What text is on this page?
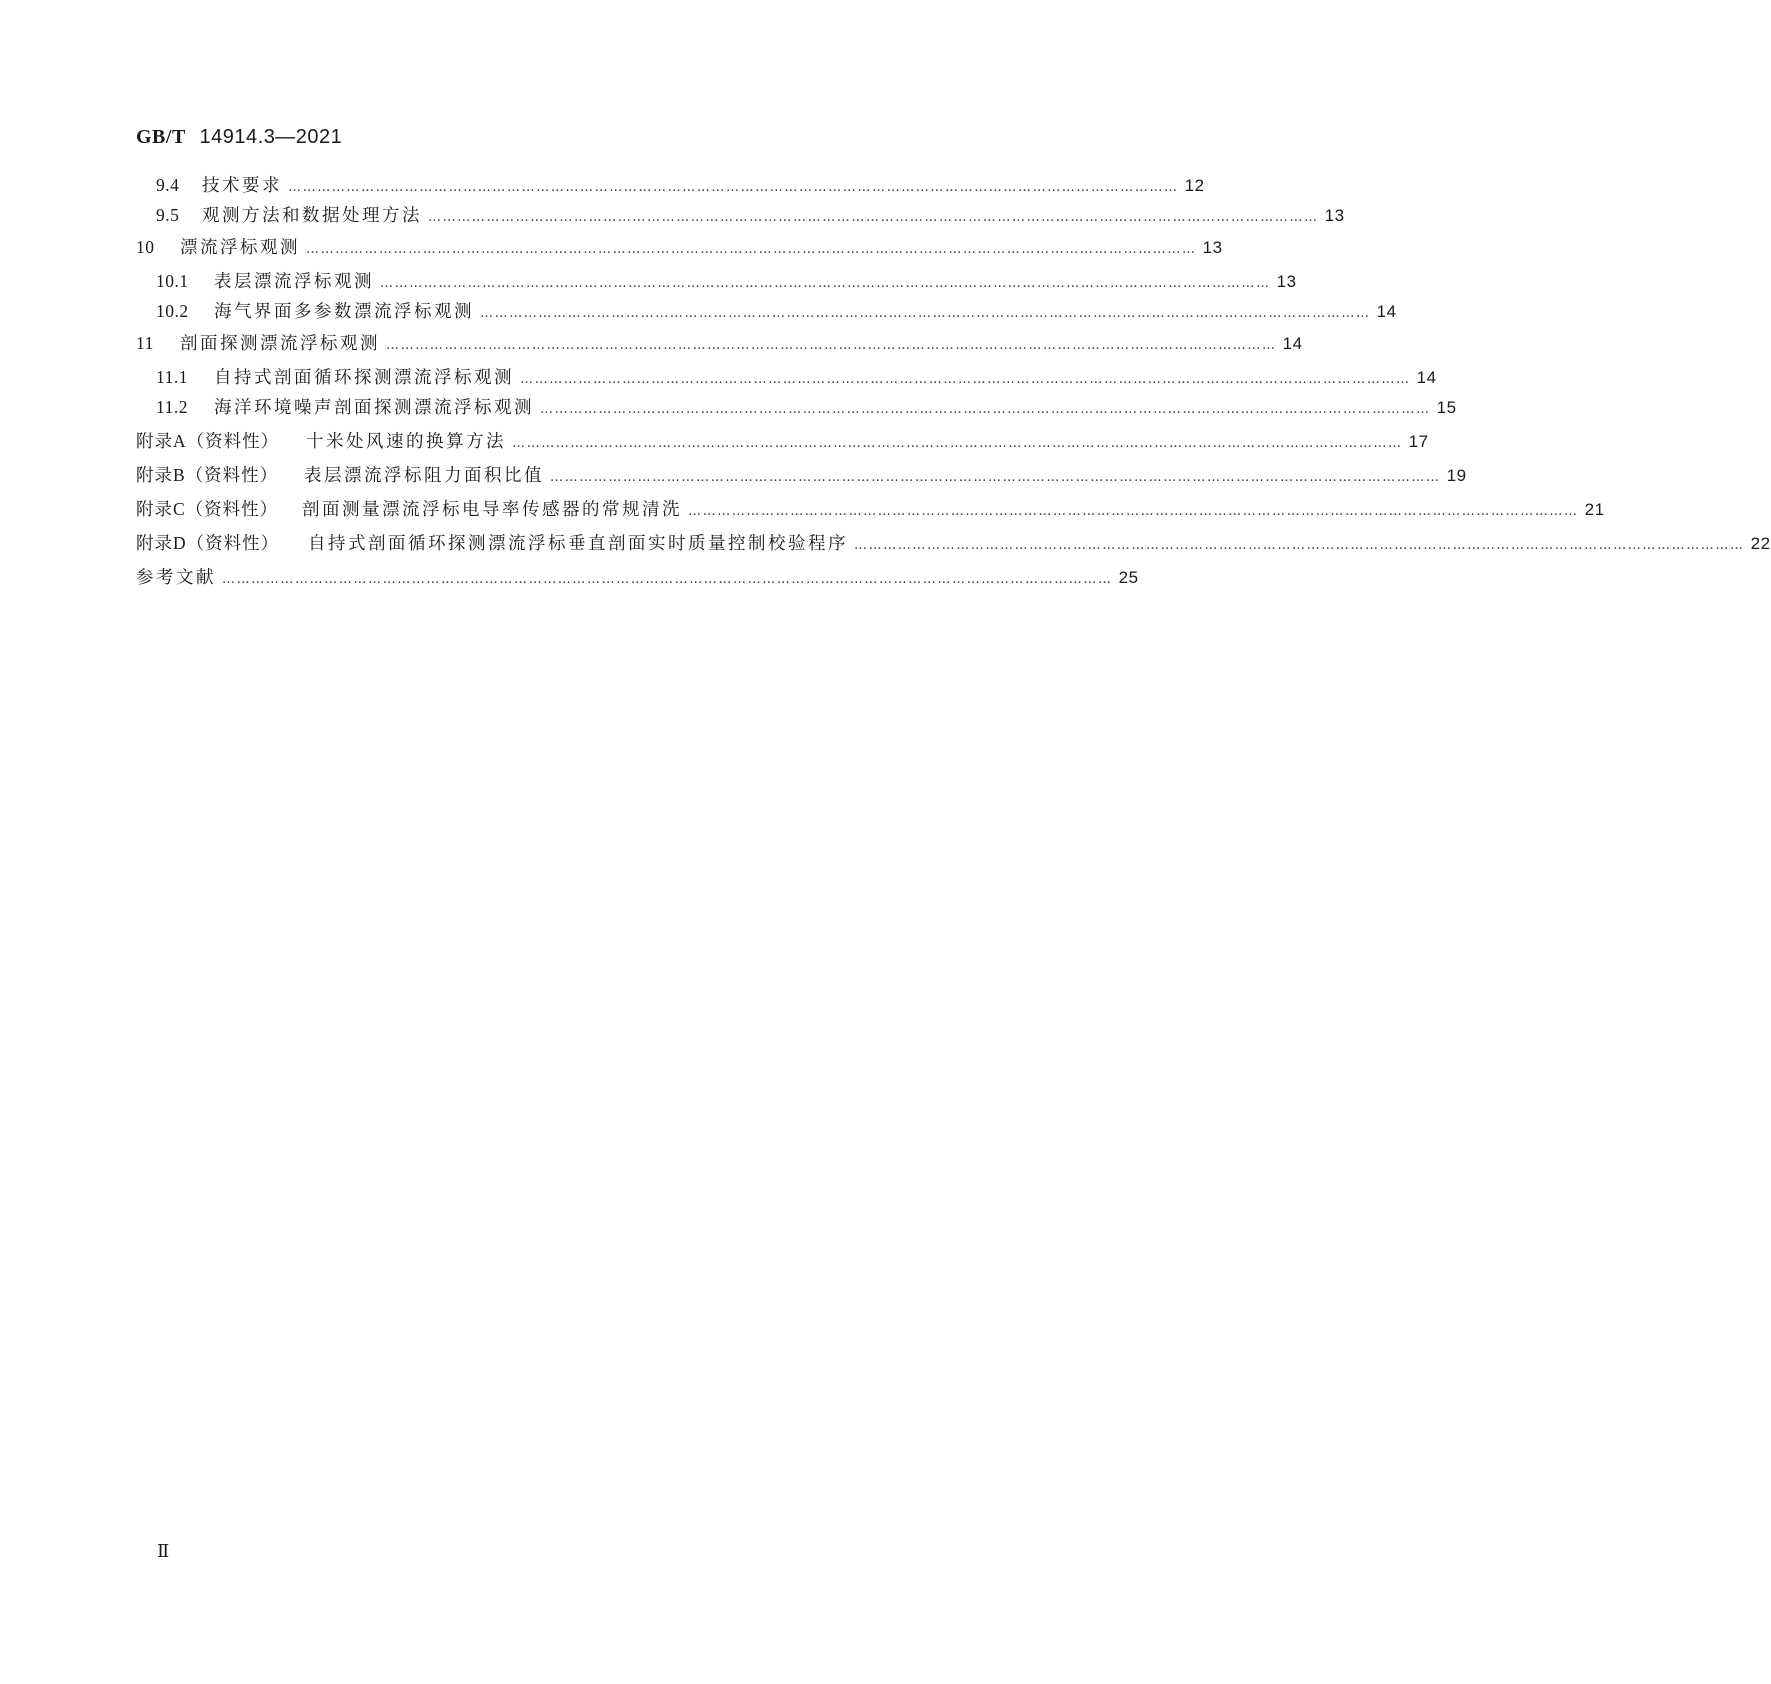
GB/T 14914.3—2021
9.4	技术要求 ………………………………………………………………………………………………………………………………………………………………… 12
9.5	观测方法和数据处理方法 ………………………………………………………………………………………………………………………………………………………………… 13
10	漂流浮标观测 ………………………………………………………………………………………………………………………………………………………………… 13
10.1	表层漂流浮标观测 ………………………………………………………………………………………………………………………………………………………………… 13
10.2	海气界面多参数漂流浮标观测 ………………………………………………………………………………………………………………………………………………………………… 14
11	剖面探测漂流浮标观测 ………………………………………………………………………………………………………………………………………………………………… 14
11.1	自持式剖面循环探测漂流浮标观测 ………………………………………………………………………………………………………………………………………………………………… 14
11.2	海洋环境噪声剖面探测漂流浮标观测 ………………………………………………………………………………………………………………………………………………………………… 15
附录A（资料性）	十米处风速的换算方法 ………………………………………………………………………………………………………………………………………………………………… 17
附录B（资料性）	表层漂流浮标阻力面积比值 ………………………………………………………………………………………………………………………………………………………………… 19
附录C（资料性）	剖面测量漂流浮标电导率传感器的常规清洗 ………………………………………………………………………………………………………………………………………………………………… 21
附录D（资料性）	自持式剖面循环探测漂流浮标垂直剖面实时质量控制校验程序 ………………………………………………………………………………………………………………………………………………………………… 22
参考文献 ………………………………………………………………………………………………………………………………………………………………… 25
Ⅱ
